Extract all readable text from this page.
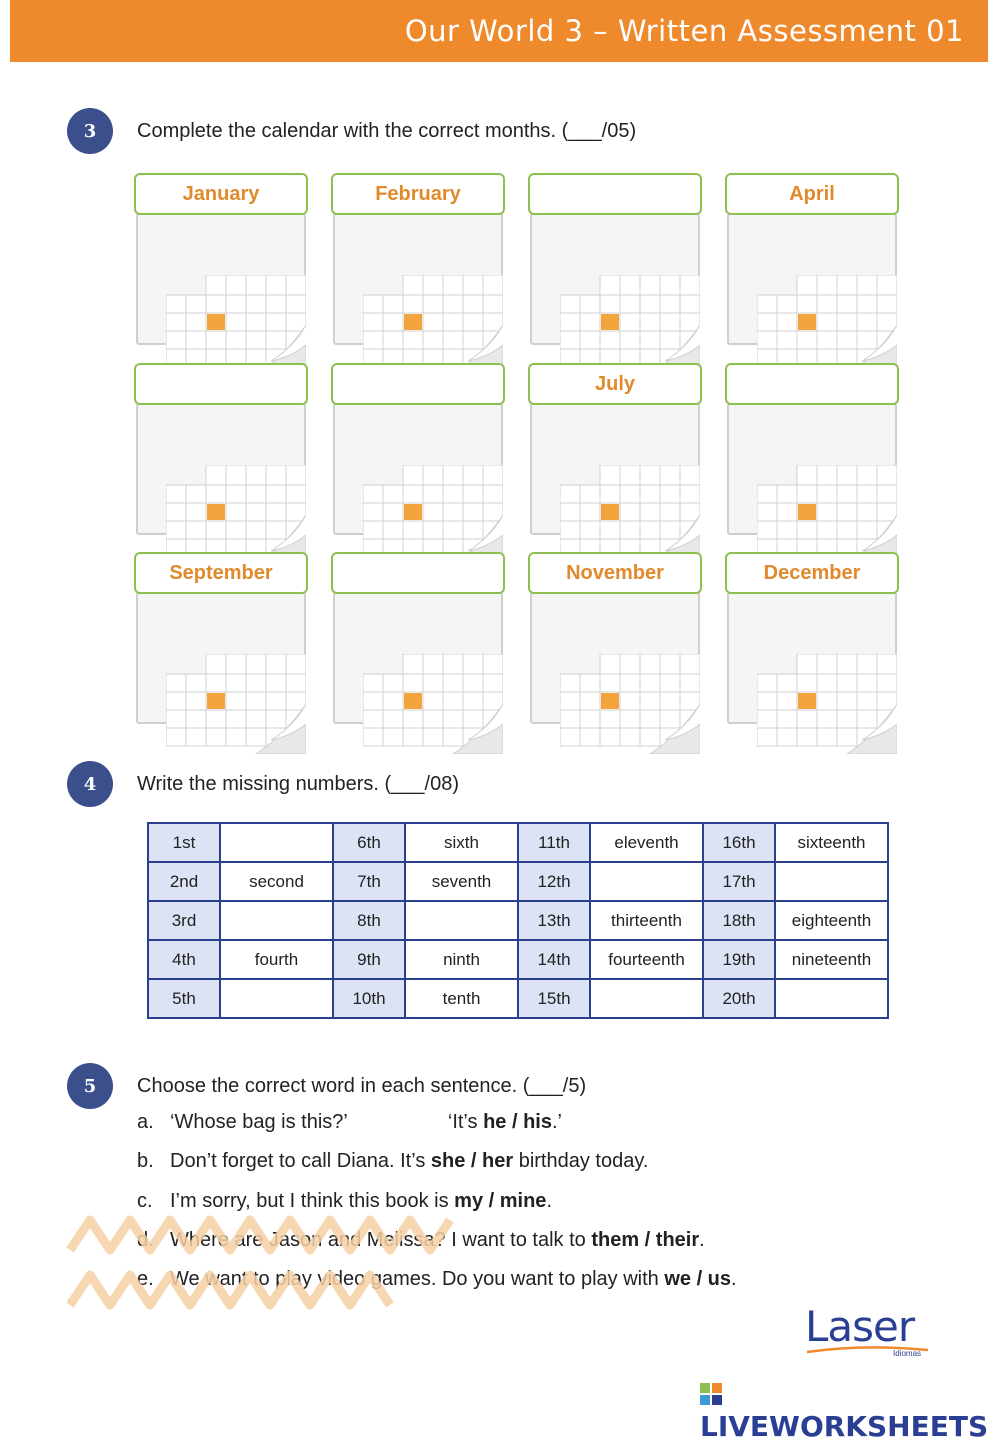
Our World 3 – Written Assessment 01
3	Complete the calendar with the correct months. (___/05)
January	February	April
July
September	November	December
4	Write the missing numbers. (___/08)
1st		6th	sixth	11th	eleventh	16th	sixteenth
2nd	second	7th	seventh	12th		17th	
3rd		8th		13th	thirteenth	18th	eighteenth
4th	fourth	9th	ninth	14th	fourteenth	19th	nineteenth
5th		10th	tenth	15th		20th	
5	Choose the correct word in each sentence. (___/5)
a. ‘Whose bag is this?’	‘It’s he / his.’
b. Don’t forget to call Diana. It’s she / her birthday today.
c. I’m sorry, but I think this book is my / mine.
d. Where are Jason and Melissa? I want to talk to them / their.
e. We want to play video games. Do you want to play with we / us.
Laser
Idiomas
LIVEWORKSHEETS
